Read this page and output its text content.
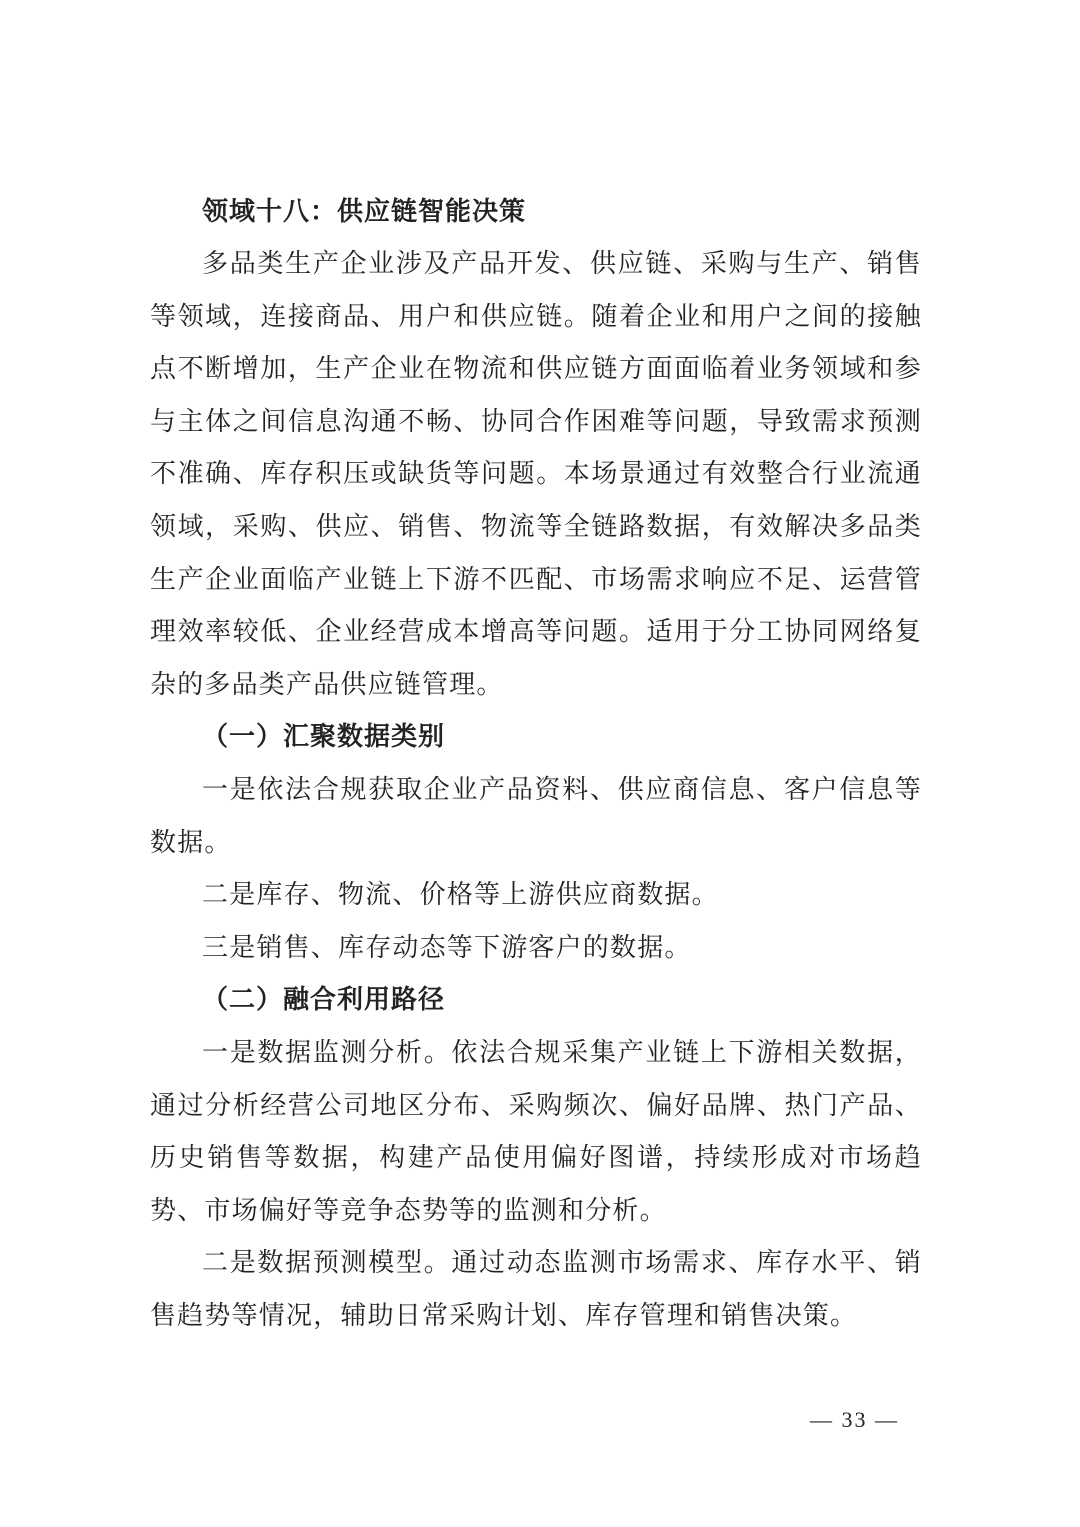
领域十八：供应链智能决策

多品类生产企业涉及产品开发、供应链、采购与生产、销售等领域，连接商品、用户和供应链。随着企业和用户之间的接触点不断增加，生产企业在物流和供应链方面面临着业务领域和参与主体之间信息沟通不畅、协同合作困难等问题，导致需求预测不准确、库存积压或缺货等问题。本场景通过有效整合行业流通领域，采购、供应、销售、物流等全链路数据，有效解决多品类生产企业面临产业链上下游不匹配、市场需求响应不足、运营管理效率较低、企业经营成本增高等问题。适用于分工协同网络复杂的多品类产品供应链管理。

（一）汇聚数据类别

一是依法合规获取企业产品资料、供应商信息、客户信息等数据。

二是库存、物流、价格等上游供应商数据。

三是销售、库存动态等下游客户的数据。

（二）融合利用路径

一是数据监测分析。依法合规采集产业链上下游相关数据，通过分析经营公司地区分布、采购频次、偏好品牌、热门产品、历史销售等数据，构建产品使用偏好图谱，持续形成对市场趋势、市场偏好等竞争态势等的监测和分析。

二是数据预测模型。通过动态监测市场需求、库存水平、销售趋势等情况，辅助日常采购计划、库存管理和销售决策。

— 33 —
